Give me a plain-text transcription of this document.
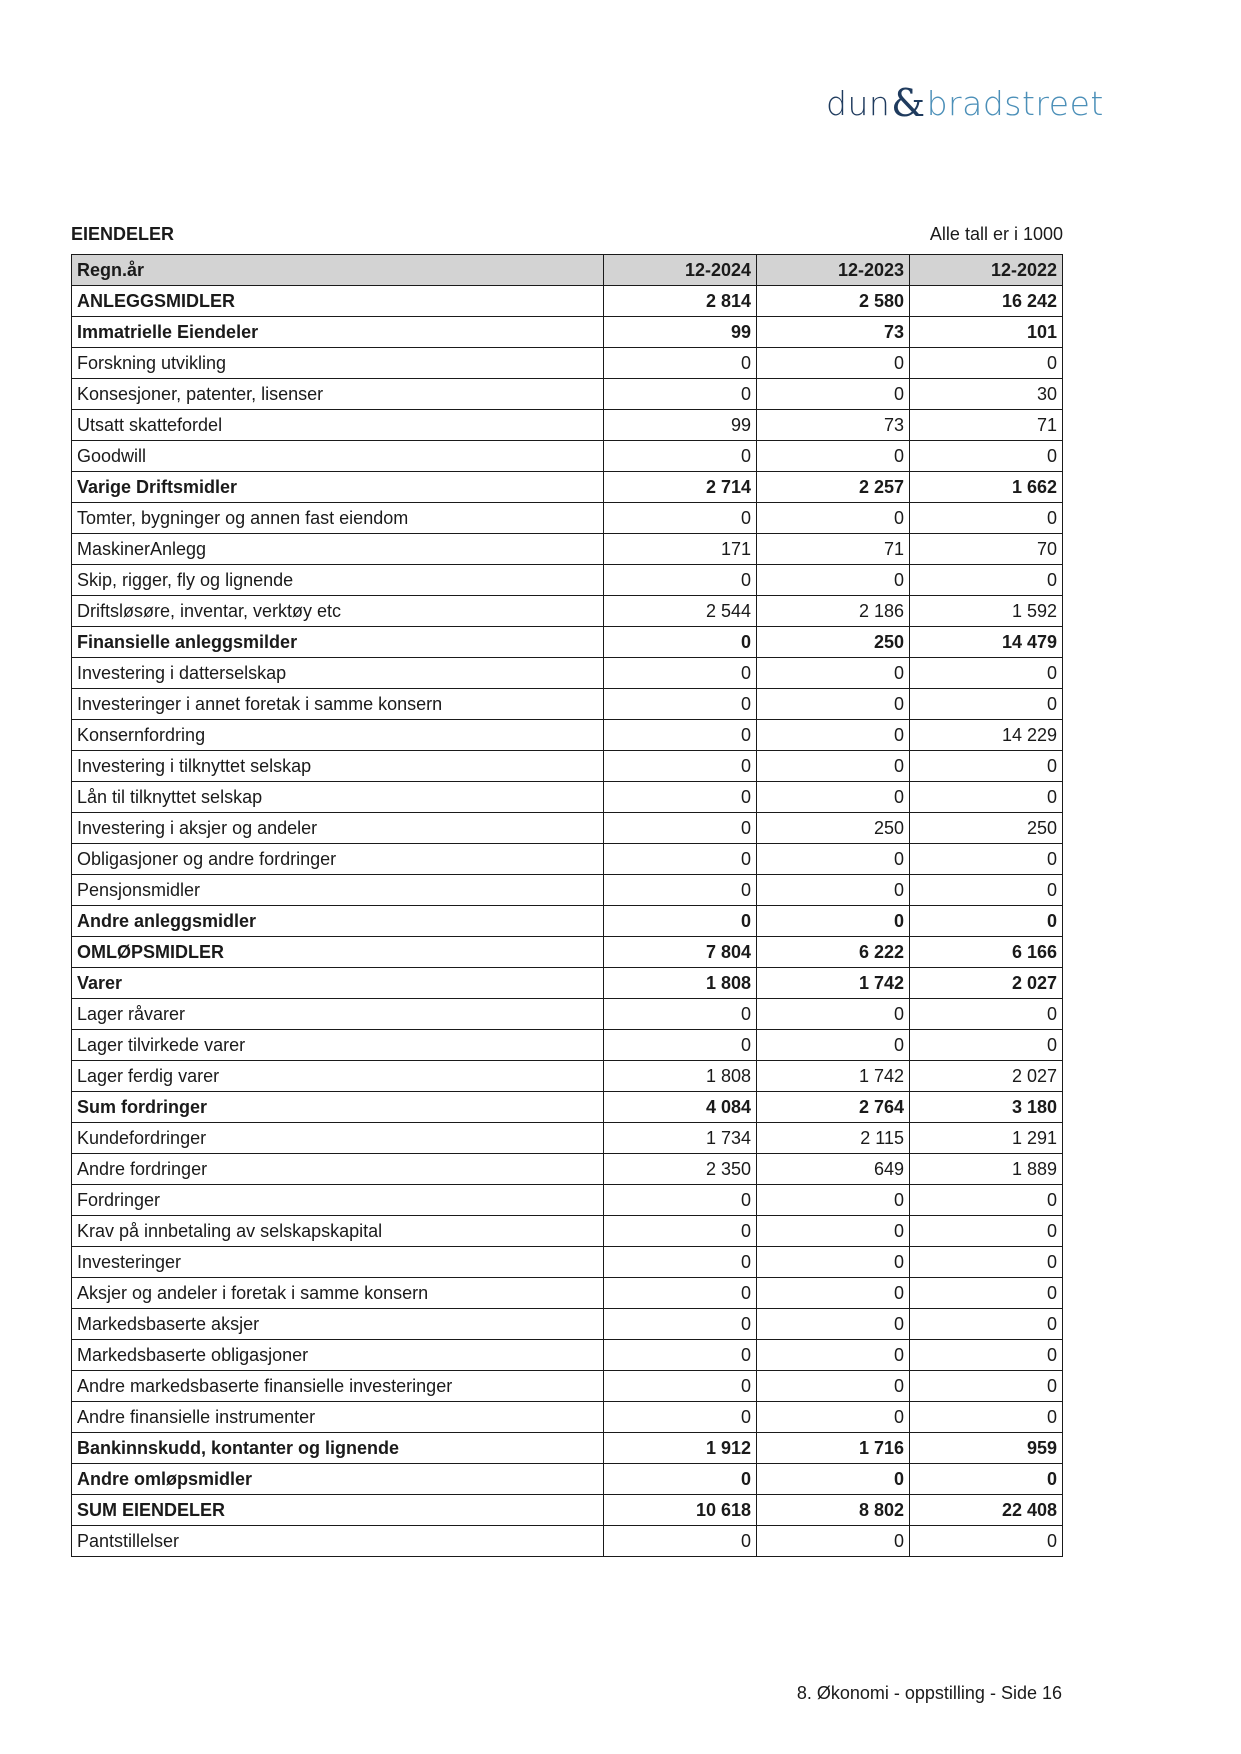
dun & bradstreet
EIENDELER	Alle tall er i 1000
Regn.år	12-2024	12-2023	12-2022
ANLEGGSMIDLER	2 814	2 580	16 242
Immatrielle Eiendeler	99	73	101
Forskning utvikling	0	0	0
Konsesjoner, patenter, lisenser	0	0	30
Utsatt skattefordel	99	73	71
Goodwill	0	0	0
Varige Driftsmidler	2 714	2 257	1 662
Tomter, bygninger og annen fast eiendom	0	0	0
MaskinerAnlegg	171	71	70
Skip, rigger, fly og lignende	0	0	0
Driftsløsøre, inventar, verktøy etc	2 544	2 186	1 592
Finansielle anleggsmilder	0	250	14 479
Investering i datterselskap	0	0	0
Investeringer i annet foretak i samme konsern	0	0	0
Konsernfordring	0	0	14 229
Investering i tilknyttet selskap	0	0	0
Lån til tilknyttet selskap	0	0	0
Investering i aksjer og andeler	0	250	250
Obligasjoner og andre fordringer	0	0	0
Pensjonsmidler	0	0	0
Andre anleggsmidler	0	0	0
OMLØPSMIDLER	7 804	6 222	6 166
Varer	1 808	1 742	2 027
Lager råvarer	0	0	0
Lager tilvirkede varer	0	0	0
Lager ferdig varer	1 808	1 742	2 027
Sum fordringer	4 084	2 764	3 180
Kundefordringer	1 734	2 115	1 291
Andre fordringer	2 350	649	1 889
Fordringer	0	0	0
Krav på innbetaling av selskapskapital	0	0	0
Investeringer	0	0	0
Aksjer og andeler i foretak i samme konsern	0	0	0
Markedsbaserte aksjer	0	0	0
Markedsbaserte obligasjoner	0	0	0
Andre markedsbaserte finansielle investeringer	0	0	0
Andre finansielle instrumenter	0	0	0
Bankinnskudd, kontanter og lignende	1 912	1 716	959
Andre omløpsmidler	0	0	0
SUM EIENDELER	10 618	8 802	22 408
Pantstillelser	0	0	0
8. Økonomi - oppstilling - Side 16
